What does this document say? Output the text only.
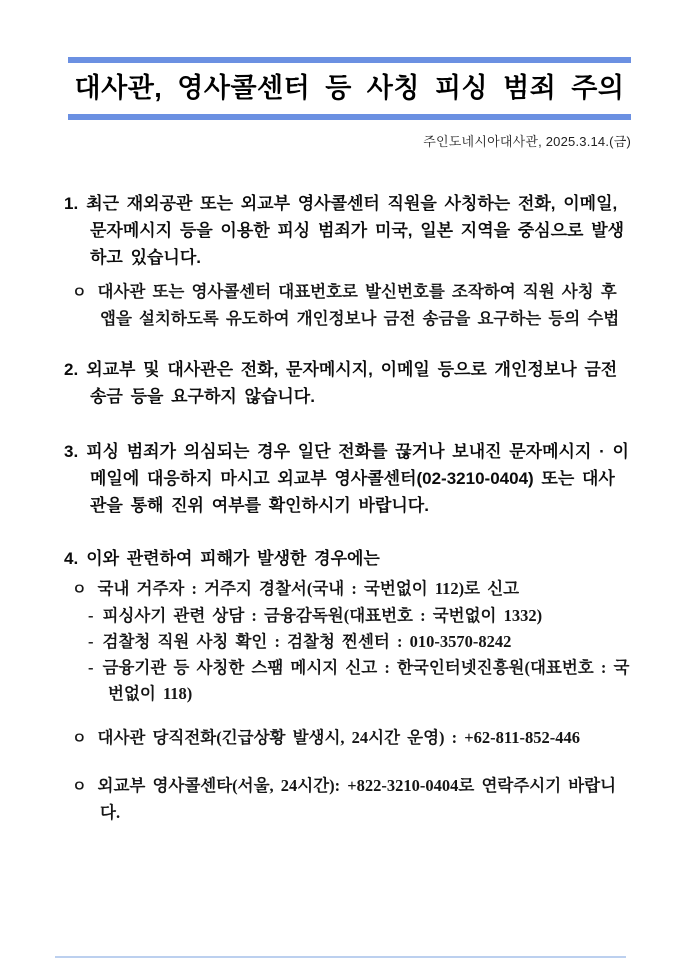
대사관, 영사콜센터 등 사칭 피싱 범죄 주의
주인도네시아대사관, 2025.3.14.(금)
1. 최근 재외공관 또는 외교부 영사콜센터 직원을 사칭하는 전화, 이메일, 문자메시지 등을 이용한 피싱 범죄가 미국, 일본 지역을 중심으로 발생하고 있습니다.
ㅇ 대사관 또는 영사콜센터 대표번호로 발신번호를 조작하여 직원 사칭 후 앱을 설치하도록 유도하여 개인정보나 금전 송금을 요구하는 등의 수법
2. 외교부 및 대사관은 전화, 문자메시지, 이메일 등으로 개인정보나 금전 송금 등을 요구하지 않습니다.
3. 피싱 범죄가 의심되는 경우 일단 전화를 끊거나 보내진 문자메시지 · 이메일에 대응하지 마시고 외교부 영사콜센터(02-3210-0404) 또는 대사관을 통해 진위 여부를 확인하시기 바랍니다.
4. 이와 관련하여 피해가 발생한 경우에는
ㅇ 국내 거주자 : 거주지 경찰서(국내 : 국번없이 112)로 신고
- 피싱사기 관련 상담 : 금융감독원(대표번호 : 국번없이 1332)
- 검찰청 직원 사칭 확인 : 검찰청 찐센터 : 010-3570-8242
- 금융기관 등 사칭한 스팸 메시지 신고 : 한국인터넷진흥원(대표번호 : 국번없이 118)
ㅇ 대사관 당직전화(긴급상황 발생시, 24시간 운영) : +62-811-852-446
ㅇ 외교부 영사콜센타(서울, 24시간): +822-3210-0404로 연락주시기 바랍니다.
